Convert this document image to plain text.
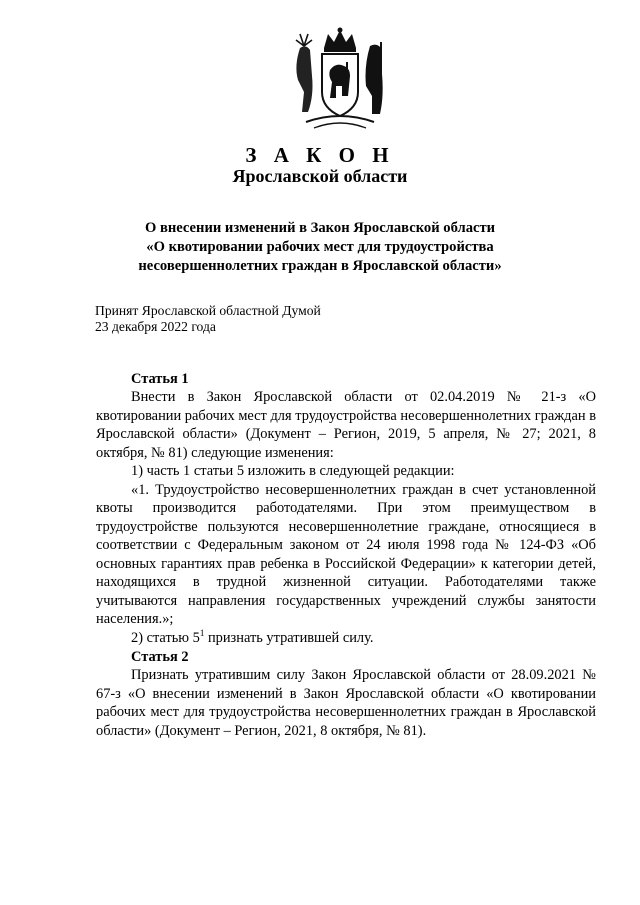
З А К О Н

Ярославской области

О внесении изменений в Закон Ярославской области
«О квотировании рабочих мест для трудоустройства
несовершеннолетних граждан в Ярославской области»

Принят Ярославской областной Думой
23 декабря 2022 года

Статья 1

Внести в Закон Ярославской области от 02.04.2019 № 21-з «О квотировании рабочих мест для трудоустройства несовершеннолетних граждан в Ярославской области» (Документ – Регион, 2019, 5 апреля, № 27; 2021, 8 октября, № 81) следующие изменения:

1) часть 1 статьи 5 изложить в следующей редакции:

«1. Трудоустройство несовершеннолетних граждан в счет установленной квоты производится работодателями. При этом преимуществом в трудоустройстве пользуются несовершеннолетние граждане, относящиеся в соответствии с Федеральным законом от 24 июля 1998 года № 124-ФЗ «Об основных гарантиях прав ребенка в Российской Федерации» к категории детей, находящихся в трудной жизненной ситуации. Работодателями также учитываются направления государственных учреждений службы занятости населения.»;

2) статью $5^1$ признать утратившей силу.

Статья 2

Признать утратившим силу Закон Ярославской области от 28.09.2021 № 67-з «О внесении изменений в Закон Ярославской области «О квотировании рабочих мест для трудоустройства несовершеннолетних граждан в Ярославской области» (Документ – Регион, 2021, 8 октября, № 81).
